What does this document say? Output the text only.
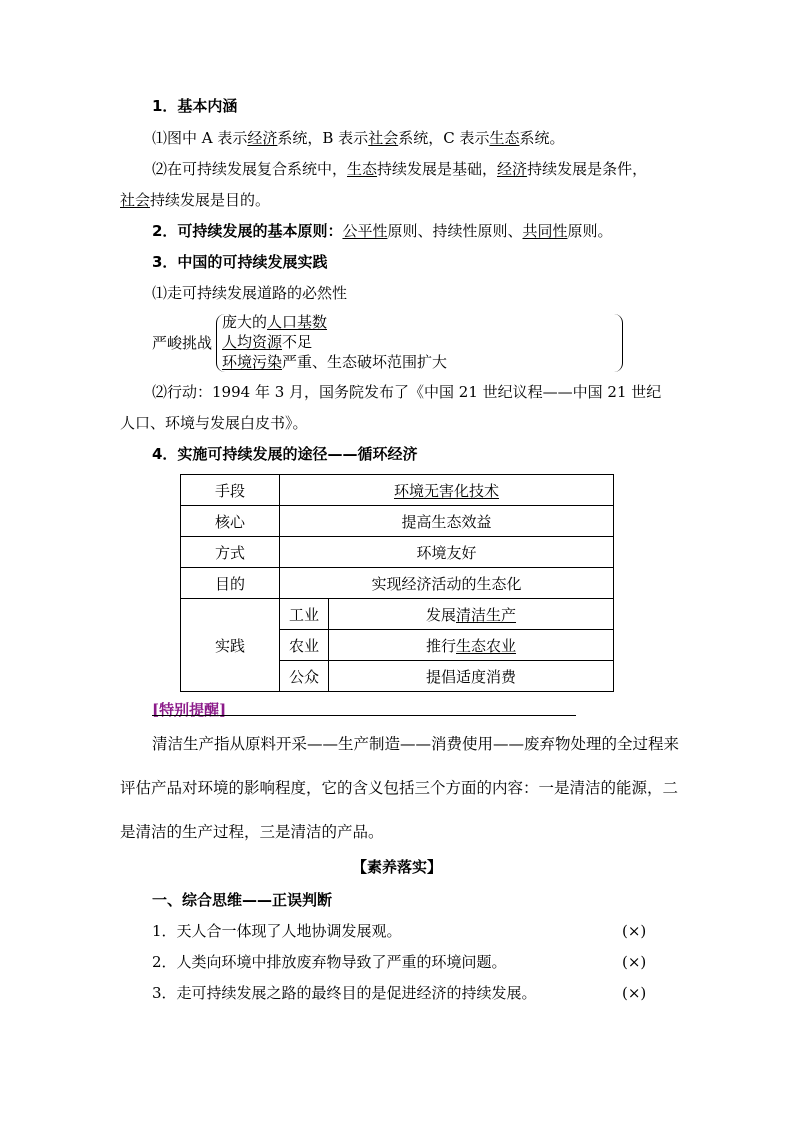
1．基本内涵
⑴图中 A 表示经济系统，B 表示社会系统，C 表示生态系统。
⑵在可持续发展复合系统中，生态持续发展是基础，经济持续发展是条件，
社会持续发展是目的。
2．可持续发展的基本原则：公平性原则、持续性原则、共同性原则。
3．中国的可持续发展实践
⑴走可持续发展道路的必然性
严峻挑战
庞大的人口基数
人均资源不足
环境污染严重、生态破坏范围扩大
⑵行动：1994 年 3 月，国务院发布了《中国 21 世纪议程——中国 21 世纪
人口、环境与发展白皮书》。
4．实施可持续发展的途径——循环经济
手段	环境无害化技术	
核心	提高生态效益	
方式	环境友好	
目的	实现经济活动的生态化	
实践	工业	发展清洁生产
	农业	推行生态农业
	公众	提倡适度消费
[特别提醒]
清洁生产指从原料开采——生产制造——消费使用——废弃物处理的全过程来评估产品对环境的影响程度，它的含义包括三个方面的内容：一是清洁的能源，二是清洁的生产过程，三是清洁的产品。
【素养落实】
一、综合思维——正误判断
1．天人合一体现了人地协调发展观。	(×)
2．人类向环境中排放废弃物导致了严重的环境问题。	(×)
3．走可持续发展之路的最终目的是促进经济的持续发展。	(×)
